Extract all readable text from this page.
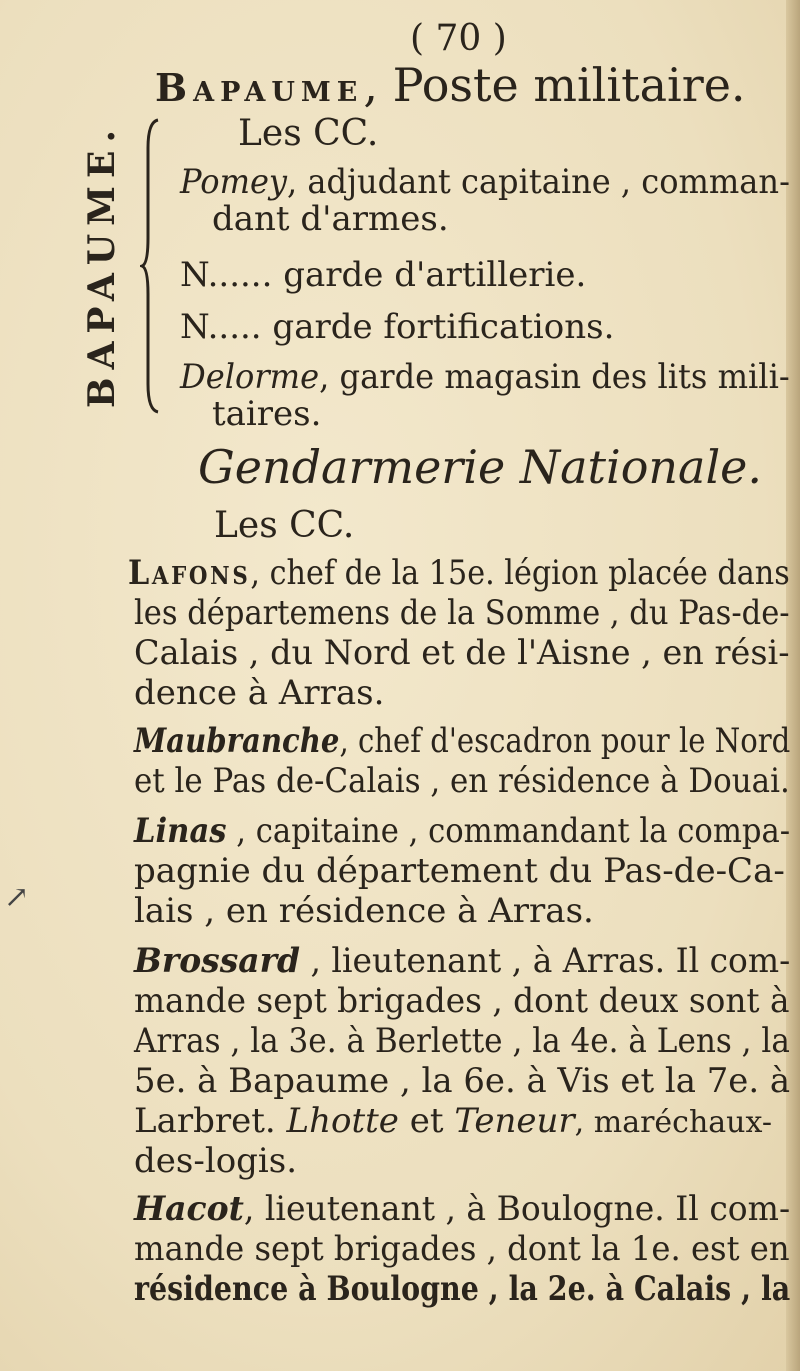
( 70 )
Bapaume, Poste militaire.
BAPAUME.	Les CC.
Pomey, adjudant capitaine , comman-
dant d'armes.
N...... garde d'artillerie.
N..... garde fortifications.
Delorme, garde magasin des lits mili-
taires.
Gendarmerie Nationale.
Les CC.
Lafons, chef de la 15e. légion placée dans
les départemens de la Somme , du Pas-de-
Calais , du Nord et de l'Aisne , en rési-
dence à Arras.
Maubranche, chef d'escadron pour le Nord
et le Pas de-Calais , en résidence à Douai.
Linas , capitaine , commandant la compa-
pagnie du département du Pas-de-Ca-
lais , en résidence à Arras.
Brossard , lieutenant , à Arras. Il com-
mande sept brigades , dont deux sont à
Arras , la 3e. à Berlette , la 4e. à Lens , la
5e. à Bapaume , la 6e. à Vis et la 7e. à
Larbret. Lhotte et Teneur, maréchaux-
des-logis.
Hacot, lieutenant , à Boulogne. Il com-
mande sept brigades , dont la 1e. est en
résidence à Boulogne , la 2e. à Calais , la
↗
